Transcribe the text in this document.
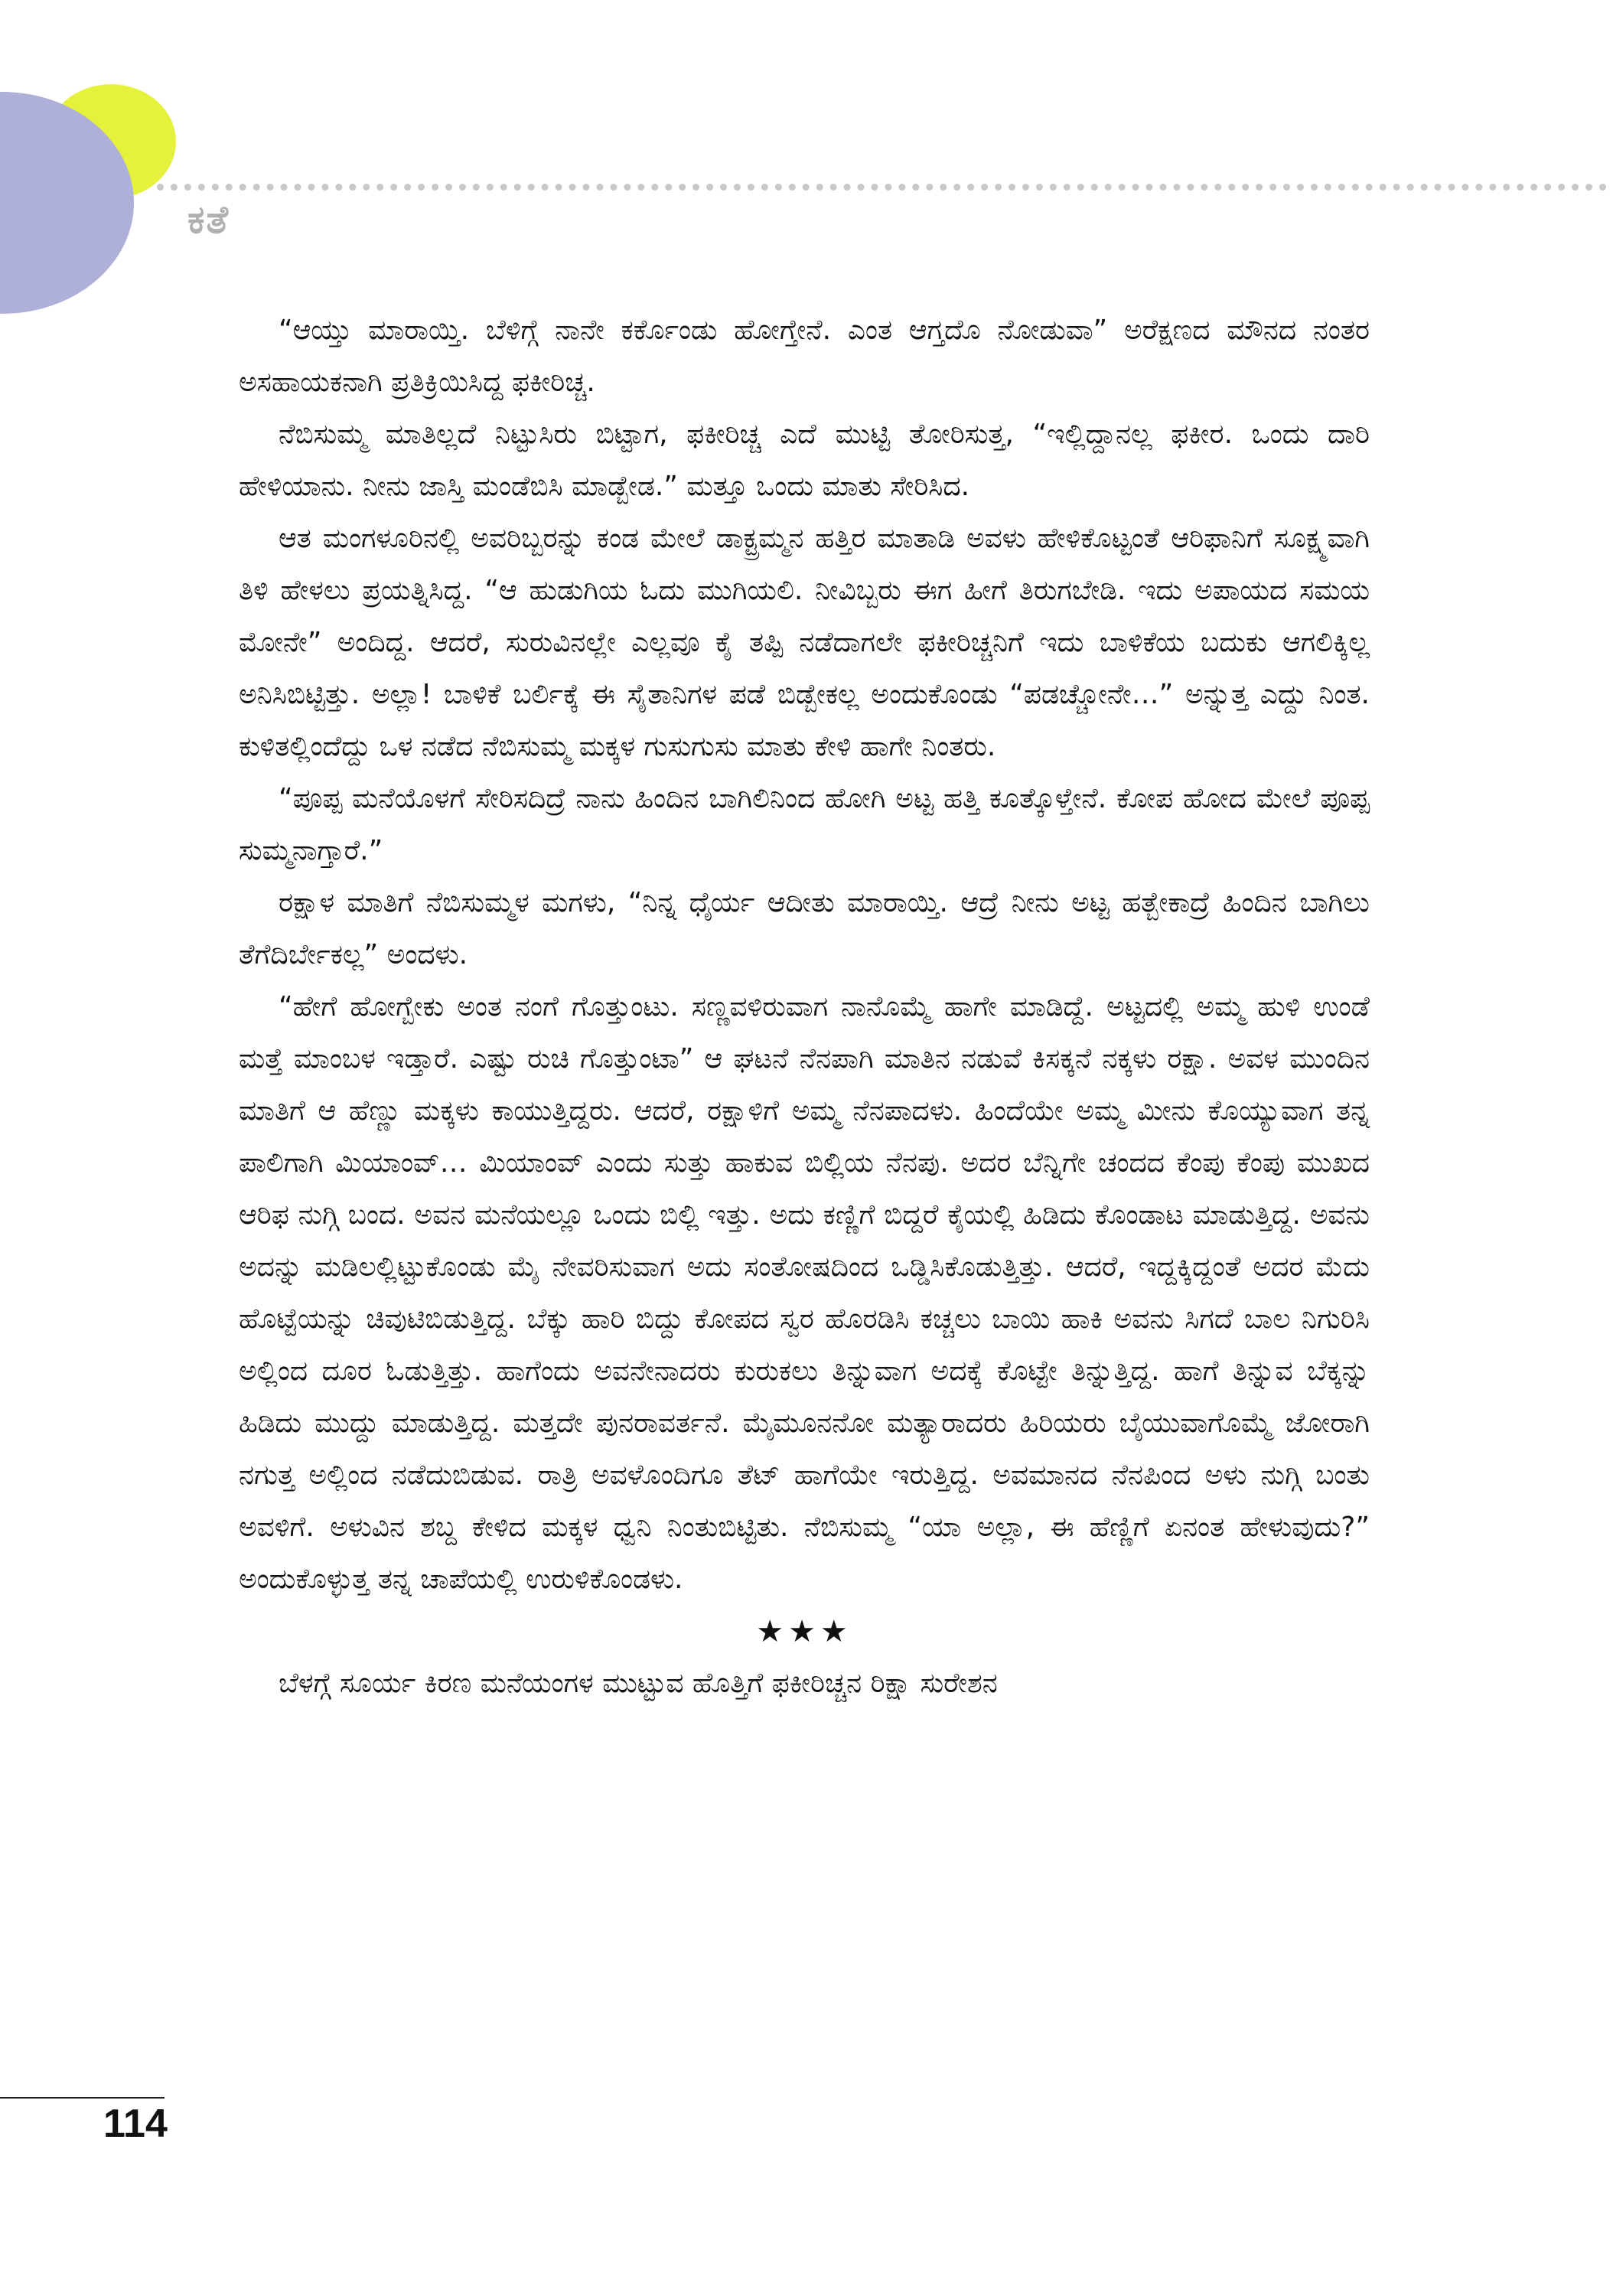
ಕತೆ

“ಆಯ್ತು ಮಾರಾಯ್ತಿ. ಬೆಳಿಗ್ಗೆ ನಾನೇ ಕರ್ಕೊಂಡು ಹೋಗ್ತೇನೆ. ಎಂತ ಆಗ್ತದೊ ನೋಡುವಾ” ಅರೆಕ್ಷಣದ ಮೌನದ ನಂತರ ಅಸಹಾಯಕನಾಗಿ ಪ್ರತಿಕ್ರಿಯಿಸಿದ್ದ ಫಕೀರಿಚ್ಚ.

ನೆಬಿಸುಮ್ಮ ಮಾತಿಲ್ಲದೆ ನಿಟ್ಟುಸಿರು ಬಿಟ್ಟಾಗ, ಫಕೀರಿಚ್ಚ ಎದೆ ಮುಟ್ಟಿ ತೋರಿಸುತ್ತ, “ಇಲ್ಲಿದ್ದಾನಲ್ಲ ಫಕೀರ. ಒಂದು ದಾರಿ ಹೇಳಿಯಾನು. ನೀನು ಜಾಸ್ತಿ ಮಂಡೆಬಿಸಿ ಮಾಡ್ಬೇಡ.” ಮತ್ತೂ ಒಂದು ಮಾತು ಸೇರಿಸಿದ.

ಆತ ಮಂಗಳೂರಿನಲ್ಲಿ ಅವರಿಬ್ಬರನ್ನು ಕಂಡ ಮೇಲೆ ಡಾಕ್ಟ್ರಮ್ಮನ ಹತ್ತಿರ ಮಾತಾಡಿ ಅವಳು ಹೇಳಿಕೊಟ್ಟಂತೆ ಆರಿಫಾನಿಗೆ ಸೂಕ್ಷ್ಮವಾಗಿ ತಿಳಿ ಹೇಳಲು ಪ್ರಯತ್ನಿಸಿದ್ದ. “ಆ ಹುಡುಗಿಯ ಓದು ಮುಗಿಯಲಿ. ನೀವಿಬ್ಬರು ಈಗ ಹೀಗೆ ತಿರುಗಬೇಡಿ. ಇದು ಅಪಾಯದ ಸಮಯ ಮೋನೇ” ಅಂದಿದ್ದ. ಆದರೆ, ಸುರುವಿನಲ್ಲೇ ಎಲ್ಲವೂ ಕೈ ತಪ್ಪಿ ನಡೆದಾಗಲೇ ಫಕೀರಿಚ್ಚನಿಗೆ ಇದು ಬಾಳಿಕೆಯ ಬದುಕು ಆಗಲಿಕ್ಕಿಲ್ಲ ಅನಿಸಿಬಿಟ್ಟಿತ್ತು. ಅಲ್ಲಾ! ಬಾಳಿಕೆ ಬರ್ಲಿಕ್ಕೆ ಈ ಸೈತಾನಿಗಳ ಪಡೆ ಬಿಡ್ಬೇಕಲ್ಲ ಅಂದುಕೊಂಡು “ಪಡಚ್ಚೋನೇ…” ಅನ್ನುತ್ತ ಎದ್ದು ನಿಂತ. ಕುಳಿತಲ್ಲಿಂದೆದ್ದು ಒಳ ನಡೆದ ನೆಬಿಸುಮ್ಮ ಮಕ್ಕಳ ಗುಸುಗುಸು ಮಾತು ಕೇಳಿ ಹಾಗೇ ನಿಂತರು.

“ಪೂಪ್ಪ ಮನೆಯೊಳಗೆ ಸೇರಿಸದಿದ್ರೆ ನಾನು ಹಿಂದಿನ ಬಾಗಿಲಿನಿಂದ ಹೋಗಿ ಅಟ್ಟ ಹತ್ತಿ ಕೂತ್ಕೊಳ್ತೇನೆ. ಕೋಪ ಹೋದ ಮೇಲೆ ಪೂಪ್ಪ ಸುಮ್ಮನಾಗ್ತಾರೆ.”

ರಕ್ಷಾಳ ಮಾತಿಗೆ ನೆಬಿಸುಮ್ಮಳ ಮಗಳು, “ನಿನ್ನ ಧೈರ್ಯ ಆದೀತು ಮಾರಾಯ್ತಿ. ಆದ್ರೆ ನೀನು ಅಟ್ಟ ಹತ್ಬೇಕಾದ್ರೆ ಹಿಂದಿನ ಬಾಗಿಲು ತೆಗೆದಿರ್ಬೇಕಲ್ಲ” ಅಂದಳು.

“ಹೇಗೆ ಹೋಗ್ಬೇಕು ಅಂತ ನಂಗೆ ಗೊತ್ತುಂಟು. ಸಣ್ಣವಳಿರುವಾಗ ನಾನೊಮ್ಮೆ ಹಾಗೇ ಮಾಡಿದ್ದೆ. ಅಟ್ಟದಲ್ಲಿ ಅಮ್ಮ ಹುಳಿ ಉಂಡೆ ಮತ್ತೆ ಮಾಂಬಳ ಇಡ್ತಾರೆ. ಎಷ್ಟು ರುಚಿ ಗೊತ್ತುಂಟಾ” ಆ ಘಟನೆ ನೆನಪಾಗಿ ಮಾತಿನ ನಡುವೆ ಕಿಸಕ್ಕನೆ ನಕ್ಕಳು ರಕ್ಷಾ. ಅವಳ ಮುಂದಿನ ಮಾತಿಗೆ ಆ ಹೆಣ್ಣು ಮಕ್ಕಳು ಕಾಯುತ್ತಿದ್ದರು. ಆದರೆ, ರಕ್ಷಾಳಿಗೆ ಅಮ್ಮ ನೆನಪಾದಳು. ಹಿಂದೆಯೇ ಅಮ್ಮ ಮೀನು ಕೊಯ್ಯುವಾಗ ತನ್ನ ಪಾಲಿಗಾಗಿ ಮಿಯಾಂವ್… ಮಿಯಾಂವ್ ಎಂದು ಸುತ್ತು ಹಾಕುವ ಬಿಲ್ಲಿಯ ನೆನಪು. ಅದರ ಬೆನ್ನಿಗೇ ಚಂದದ ಕೆಂಪು ಕೆಂಪು ಮುಖದ ಆರಿಫ ನುಗ್ಗಿ ಬಂದ. ಅವನ ಮನೆಯಲ್ಲೂ ಒಂದು ಬಿಲ್ಲಿ ಇತ್ತು. ಅದು ಕಣ್ಣಿಗೆ ಬಿದ್ದರೆ ಕೈಯಲ್ಲಿ ಹಿಡಿದು ಕೊಂಡಾಟ ಮಾಡುತ್ತಿದ್ದ. ಅವನು ಅದನ್ನು ಮಡಿಲಲ್ಲಿಟ್ಟುಕೊಂಡು ಮೈ ನೇವರಿಸುವಾಗ ಅದು ಸಂತೋಷದಿಂದ ಒಡ್ಡಿಸಿಕೊಡುತ್ತಿತ್ತು. ಆದರೆ, ಇದ್ದಕ್ಕಿದ್ದಂತೆ ಅದರ ಮೆದು ಹೊಟ್ಟೆಯನ್ನು ಚಿವುಟಿಬಿಡುತ್ತಿದ್ದ. ಬೆಕ್ಕು ಹಾರಿ ಬಿದ್ದು ಕೋಪದ ಸ್ವರ ಹೊರಡಿಸಿ ಕಚ್ಚಲು ಬಾಯಿ ಹಾಕಿ ಅವನು ಸಿಗದೆ ಬಾಲ ನಿಗುರಿಸಿ ಅಲ್ಲಿಂದ ದೂರ ಓಡುತ್ತಿತ್ತು. ಹಾಗೆಂದು ಅವನೇನಾದರು ಕುರುಕಲು ತಿನ್ನುವಾಗ ಅದಕ್ಕೆ ಕೊಟ್ಟೇ ತಿನ್ನುತ್ತಿದ್ದ. ಹಾಗೆ ತಿನ್ನುವ ಬೆಕ್ಕನ್ನು ಹಿಡಿದು ಮುದ್ದು ಮಾಡುತ್ತಿದ್ದ. ಮತ್ತದೇ ಪುನರಾವರ್ತನೆ. ಮೈಮೂನನೋ ಮತ್ಯಾರಾದರು ಹಿರಿಯರು ಬೈಯುವಾಗೊಮ್ಮೆ ಜೋರಾಗಿ ನಗುತ್ತ ಅಲ್ಲಿಂದ ನಡೆದುಬಿಡುವ. ರಾತ್ರಿ ಅವಳೊಂದಿಗೂ ತೆಟ್ ಹಾಗೆಯೇ ಇರುತ್ತಿದ್ದ. ಅವಮಾನದ ನೆನಪಿಂದ ಅಳು ನುಗ್ಗಿ ಬಂತು ಅವಳಿಗೆ. ಅಳುವಿನ ಶಬ್ದ ಕೇಳಿದ ಮಕ್ಕಳ ಧ್ವನಿ ನಿಂತುಬಿಟ್ಟಿತು. ನೆಬಿಸುಮ್ಮ “ಯಾ ಅಲ್ಲಾ, ಈ ಹೆಣ್ಣಿಗೆ ಏನಂತ ಹೇಳುವುದು?” ಅಂದುಕೊಳ್ಳುತ್ತ ತನ್ನ ಚಾಪೆಯಲ್ಲಿ ಉರುಳಿಕೊಂಡಳು.

★★★

ಬೆಳಗ್ಗೆ ಸೂರ್ಯ ಕಿರಣ ಮನೆಯಂಗಳ ಮುಟ್ಟುವ ಹೊತ್ತಿಗೆ ಫಕೀರಿಚ್ಚನ ರಿಕ್ಷಾ ಸುರೇಶನ

114
